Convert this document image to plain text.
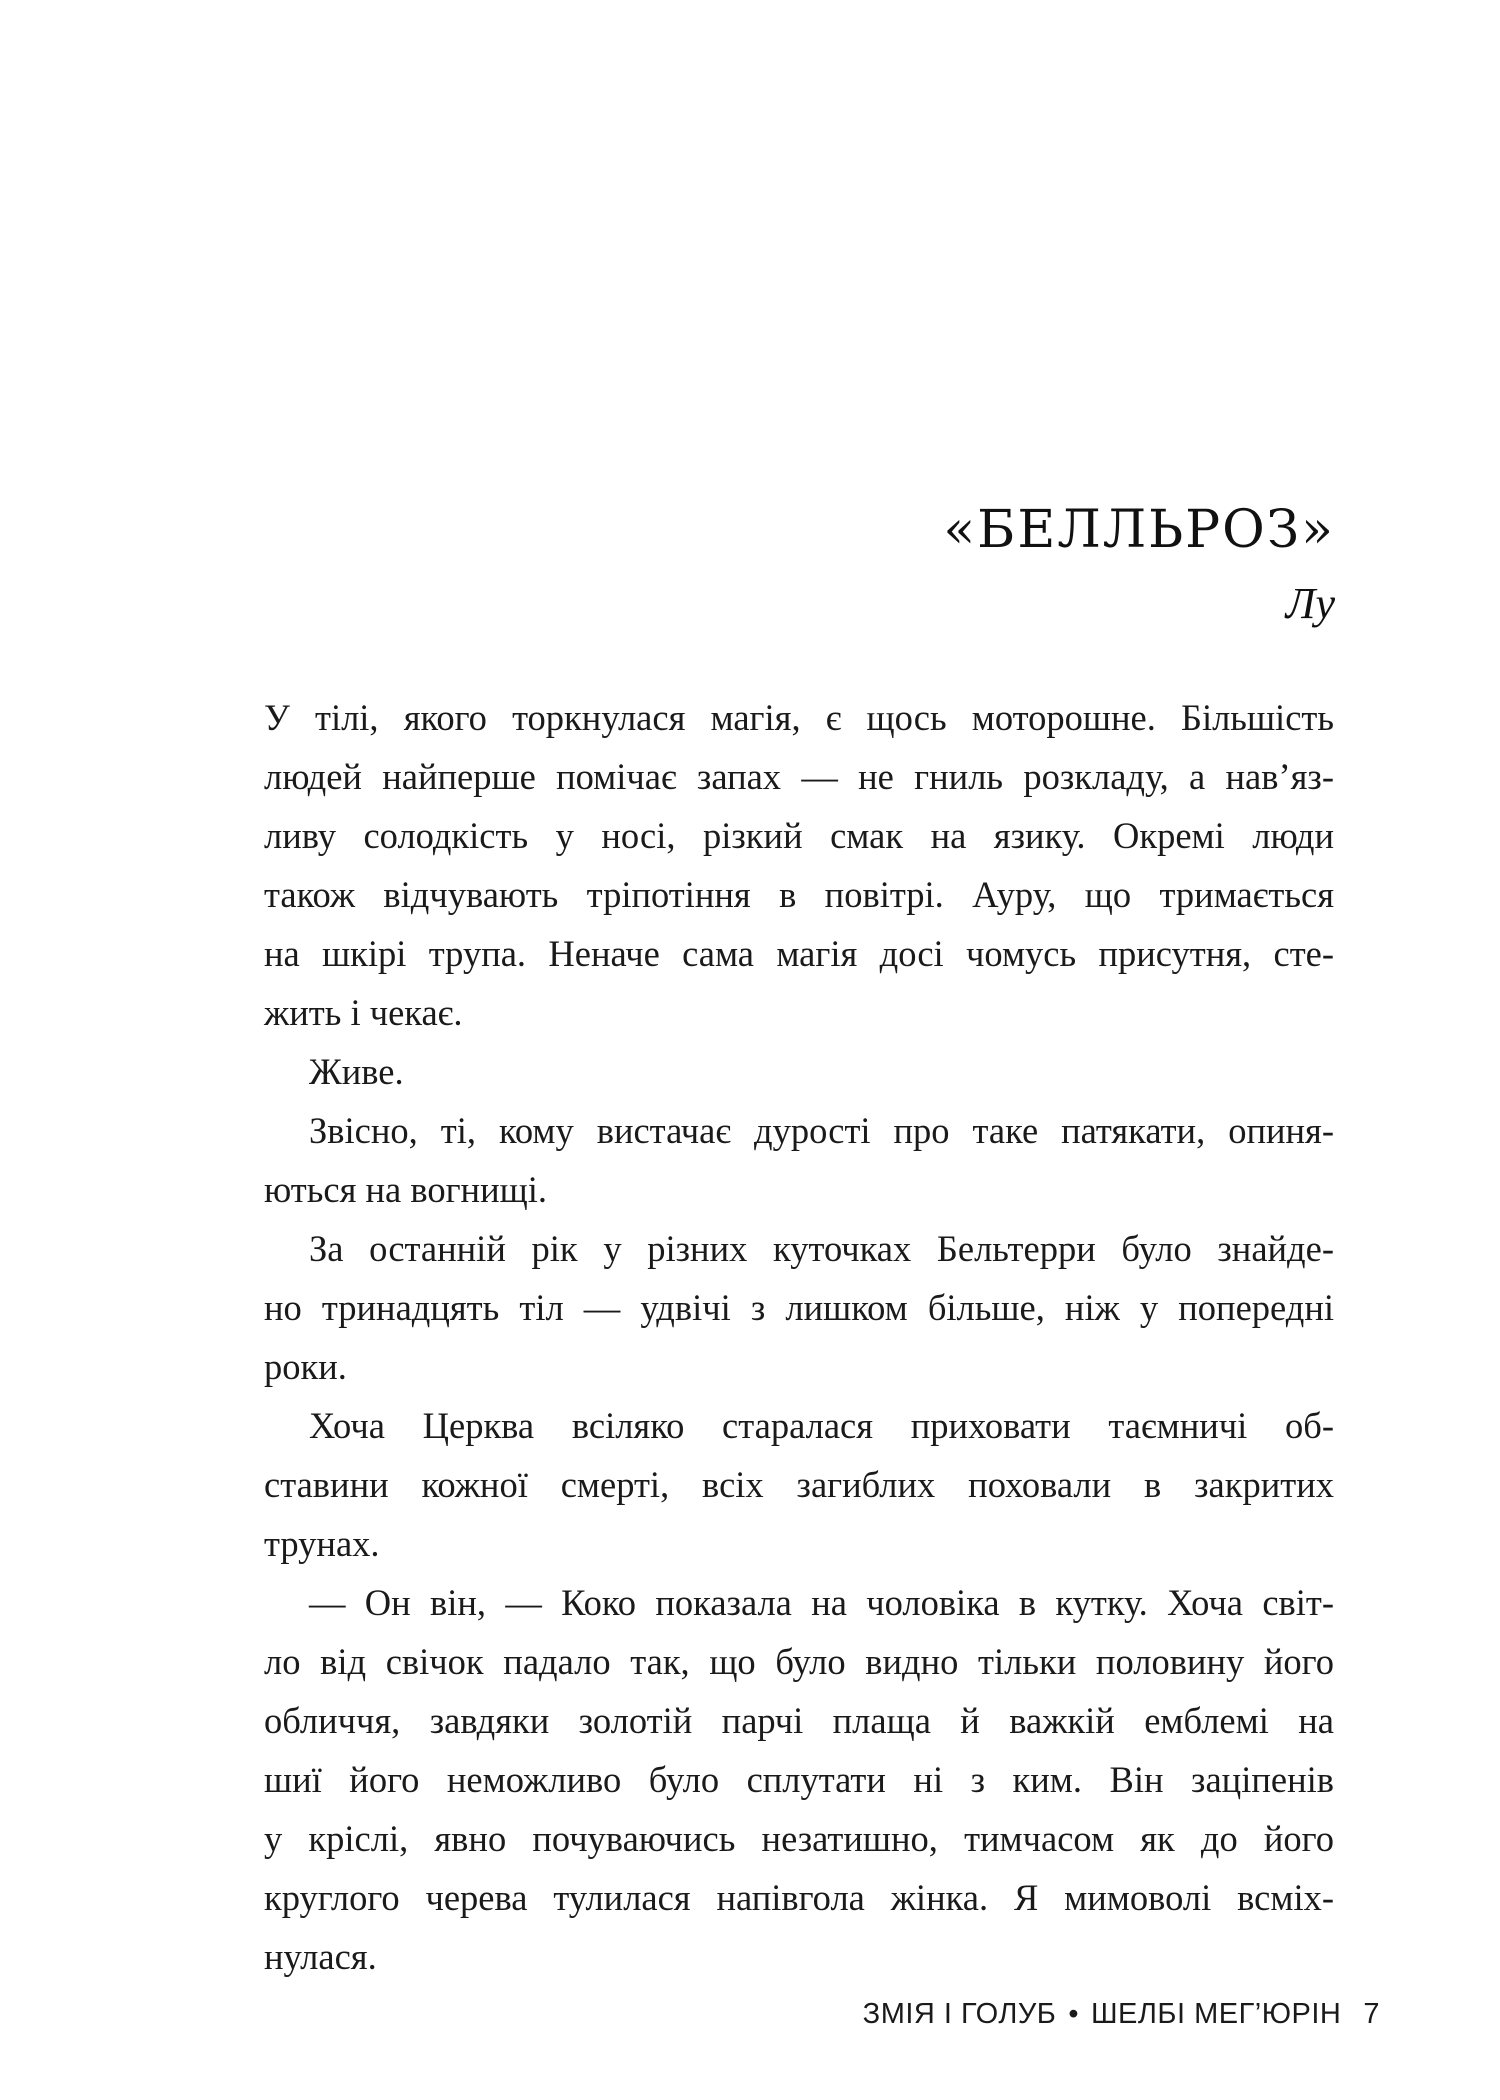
«БЕЛЛЬРОЗ»
Лу
У тілі, якого торкнулася магія, є щось моторошне. Більшість
людей найперше помічає запах — не гниль розкладу, а нав’яз-
ливу солодкість у носі, різкий смак на язику. Окремі люди
також відчувають тріпотіння в повітрі. Ауру, що тримається
на шкірі трупа. Неначе сама магія досі чомусь присутня, сте-
жить і чекає.
Живе.
Звісно, ті, кому вистачає дурості про таке патякати, опиня-
ються на вогнищі.
За останній рік у різних куточках Бельтерри було знайде-
но тринадцять тіл — удвічі з лишком більше, ніж у попередні
роки.
Хоча Церква всіляко старалася приховати таємничі об-
ставини кожної смерті, всіх загиблих поховали в закритих
трунах.
— Он він, — Коко показала на чоловіка в кутку. Хоча світ-
ло від свічок падало так, що було видно тільки половину його
обличчя, завдяки золотій парчі плаща й важкій емблемі на
шиї його неможливо було сплутати ні з ким. Він заціпенів
у кріслі, явно почуваючись незатишно, тимчасом як до його
круглого черева тулилася напівгола жінка. Я мимоволі всміх-
нулася.
ЗМІЯ І ГОЛУБ • ШЕЛБІ МЕГ’ЮРІН 7
